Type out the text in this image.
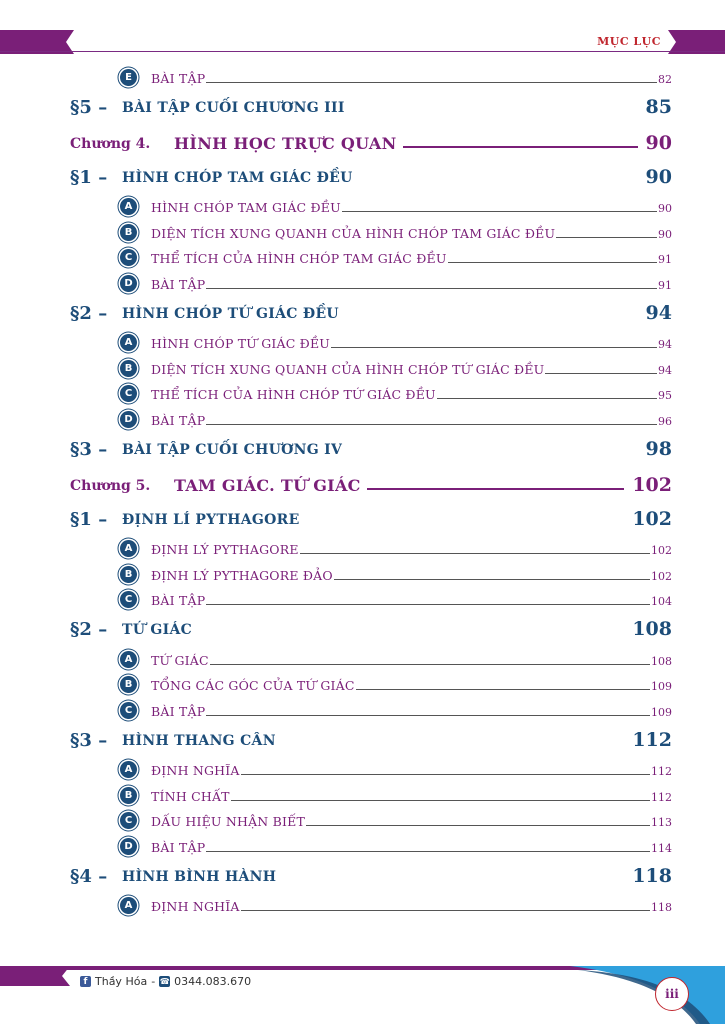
MỤC LỤC
E	BÀI TẬP	82
§5 –	BÀI TẬP CUỐI CHƯƠNG III	85
Chương 4.	HÌNH HỌC TRỰC QUAN	90
§1 –	HÌNH CHÓP TAM GIÁC ĐỀU	90
A	HÌNH CHÓP TAM GIÁC ĐỀU	90
B	DIỆN TÍCH XUNG QUANH CỦA HÌNH CHÓP TAM GIÁC ĐỀU	90
C	THỂ TÍCH CỦA HÌNH CHÓP TAM GIÁC ĐỀU	91
D	BÀI TẬP	91
§2 –	HÌNH CHÓP TỨ GIÁC ĐỀU	94
A	HÌNH CHÓP TỨ GIÁC ĐỀU	94
B	DIỆN TÍCH XUNG QUANH CỦA HÌNH CHÓP TỨ GIÁC ĐỀU	94
C	THỂ TÍCH CỦA HÌNH CHÓP TỨ GIÁC ĐỀU	95
D	BÀI TẬP	96
§3 –	BÀI TẬP CUỐI CHƯƠNG IV	98
Chương 5.	TAM GIÁC. TỨ GIÁC	102
§1 –	ĐỊNH LÍ PYTHAGORE	102
A	ĐỊNH LÝ PYTHAGORE	102
B	ĐỊNH LÝ PYTHAGORE ĐẢO	102
C	BÀI TẬP	104
§2 –	TỨ GIÁC	108
A	TỨ GIÁC	108
B	TỔNG CÁC GÓC CỦA TỨ GIÁC	109
C	BÀI TẬP	109
§3 –	HÌNH THANG CÂN	112
A	ĐỊNH NGHĨA	112
B	TÍNH CHẤT	112
C	DẤU HIỆU NHẬN BIẾT	113
D	BÀI TẬP	114
§4 –	HÌNH BÌNH HÀNH	118
A	ĐỊNH NGHĨA	118
f Thầy Hóa - ☎ 0344.083.670
iii
